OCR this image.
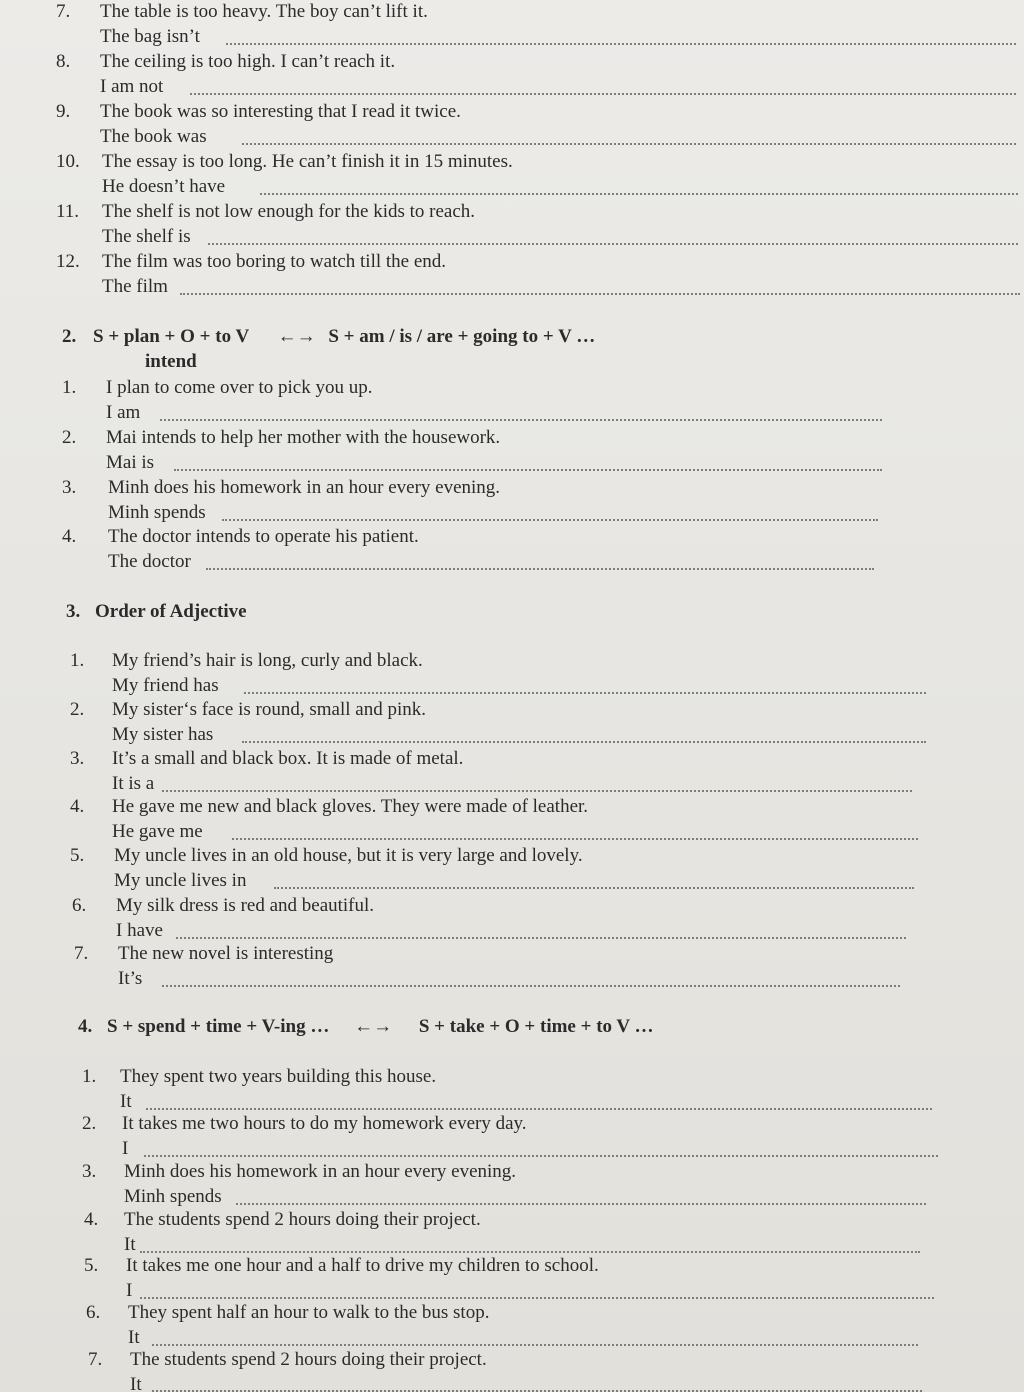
7. The table is too heavy. The boy can’t lift it.
The bag isn’t
8. The ceiling is too high. I can’t reach it.
I am not
9. The book was so interesting that I read it twice.
The book was
10. The essay is too long. He can’t finish it in 15 minutes.
He doesn’t have
11. The shelf is not low enough for the kids to reach.
The shelf is
12. The film was too boring to watch till the end.
The film
2. S + plan + O + to V ←→ S + am / is / are + going to + V …
intend
1. I plan to come over to pick you up.
I am
2. Mai intends to help her mother with the housework.
Mai is
3. Minh does his homework in an hour every evening.
Minh spends
4. The doctor intends to operate his patient.
The doctor
3. Order of Adjective
1. My friend’s hair is long, curly and black.
My friend has
2. My sister‘s face is round, small and pink.
My sister has
3. It’s a small and black box. It is made of metal.
It is a
4. He gave me new and black gloves. They were made of leather.
He gave me
5. My uncle lives in an old house, but it is very large and lovely.
My uncle lives in
6. My silk dress is red and beautiful.
I have
7. The new novel is interesting
It’s
4. S + spend + time + V-ing … ←→ S + take + O + time + to V …
1. They spent two years building this house.
It
2. It takes me two hours to do my homework every day.
I
3. Minh does his homework in an hour every evening.
Minh spends
4. The students spend 2 hours doing their project.
It
5. It takes me one hour and a half to drive my children to school.
I
6. They spent half an hour to walk to the bus stop.
It
7. The students spend 2 hours doing their project.
It
